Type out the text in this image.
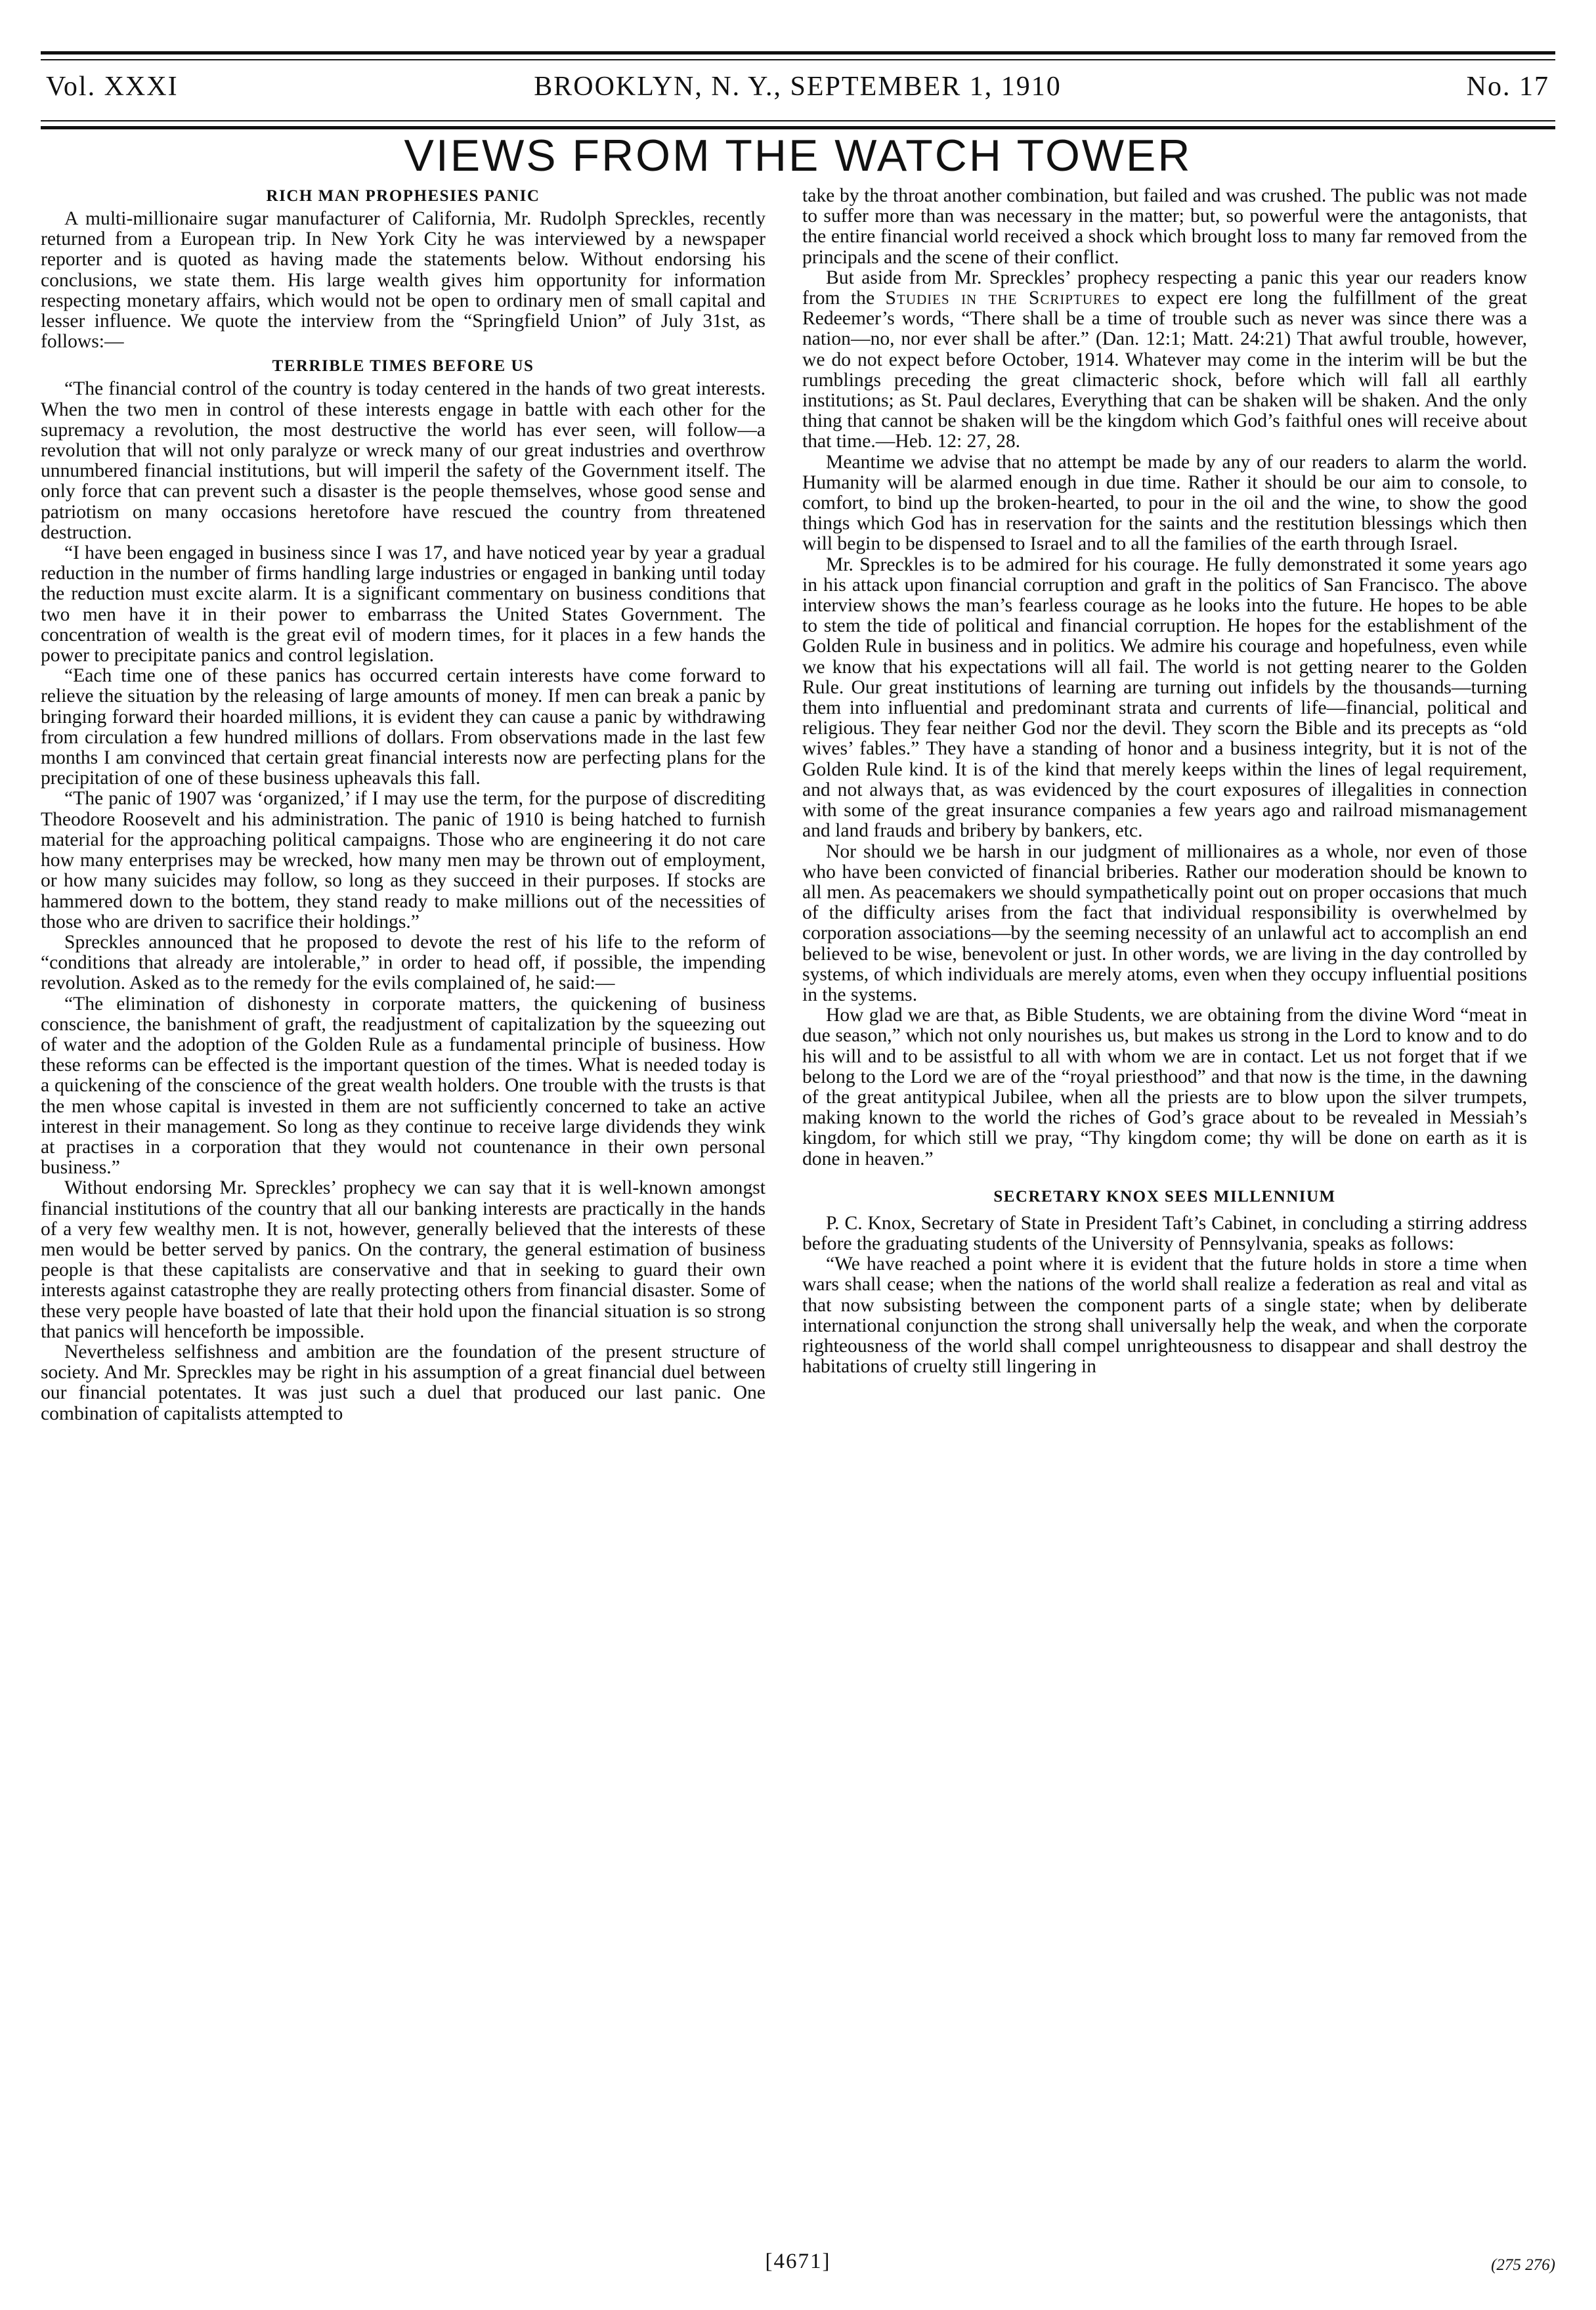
Vol. XXXI	BROOKLYN, N. Y., SEPTEMBER 1, 1910	No. 17
VIEWS FROM THE WATCH TOWER
RICH MAN PROPHESIES PANIC

A multi-millionaire sugar manufacturer of California, Mr. Rudolph Spreckles, recently returned from a European trip. In New York City he was interviewed by a newspaper reporter and is quoted as having made the statements below. Without endorsing his conclusions, we state them. His large wealth gives him opportunity for information respecting monetary affairs, which would not be open to ordinary men of small capital and lesser influence. We quote the interview from the “Springfield Union” of July 31st, as follows:—

TERRIBLE TIMES BEFORE US

“The financial control of the country is today centered in the hands of two great interests. When the two men in control of these interests engage in battle with each other for the supremacy a revolution, the most destructive the world has ever seen, will follow—a revolution that will not only paralyze or wreck many of our great industries and overthrow unnumbered financial institutions, but will imperil the safety of the Government itself. The only force that can prevent such a disaster is the people themselves, whose good sense and patriotism on many occasions heretofore have rescued the country from threatened destruction.

“I have been engaged in business since I was 17, and have noticed year by year a gradual reduction in the number of firms handling large industries or engaged in banking until today the reduction must excite alarm. It is a significant commentary on business conditions that two men have it in their power to embarrass the United States Government. The concentration of wealth is the great evil of modern times, for it places in a few hands the power to precipitate panics and control legislation.

“Each time one of these panics has occurred certain interests have come forward to relieve the situation by the releasing of large amounts of money. If men can break a panic by bringing forward their hoarded millions, it is evident they can cause a panic by withdrawing from circulation a few hundred millions of dollars. From observations made in the last few months I am convinced that certain great financial interests now are perfecting plans for the precipitation of one of these business upheavals this fall.

“The panic of 1907 was ‘organized,’ if I may use the term, for the purpose of discrediting Theodore Roosevelt and his administration. The panic of 1910 is being hatched to furnish material for the approaching political campaigns. Those who are engineering it do not care how many enterprises may be wrecked, how many men may be thrown out of employment, or how many suicides may follow, so long as they succeed in their purposes. If stocks are hammered down to the bottem, they stand ready to make millions out of the necessities of those who are driven to sacrifice their holdings.”

Spreckles announced that he proposed to devote the rest of his life to the reform of “conditions that already are intolerable,” in order to head off, if possible, the impending revolution. Asked as to the remedy for the evils complained of, he said:—

“The elimination of dishonesty in corporate matters, the quickening of business conscience, the banishment of graft, the readjustment of capitalization by the squeezing out of water and the adoption of the Golden Rule as a fundamental principle of business. How these reforms can be effected is the important question of the times. What is needed today is a quickening of the conscience of the great wealth holders. One trouble with the trusts is that the men whose capital is invested in them are not sufficiently concerned to take an active interest in their management. So long as they continue to receive large dividends they wink at practises in a corporation that they would not countenance in their own personal business.”

Without endorsing Mr. Spreckles’ prophecy we can say that it is well-known amongst financial institutions of the country that all our banking interests are practically in the hands of a very few wealthy men. It is not, however, generally believed that the interests of these men would be better served by panics. On the contrary, the general estimation of business people is that these capitalists are conservative and that in seeking to guard their own interests against catastrophe they are really protecting others from financial disaster. Some of these very people have boasted of late that their hold upon the financial situation is so strong that panics will henceforth be impossible.

Nevertheless selfishness and ambition are the foundation of the present structure of society. And Mr. Spreckles may be right in his assumption of a great financial duel between our financial potentates. It was just such a duel that produced our last panic. One combination of capitalists attempted to

take by the throat another combination, but failed and was crushed. The public was not made to suffer more than was necessary in the matter; but, so powerful were the antagonists, that the entire financial world received a shock which brought loss to many far removed from the principals and the scene of their conflict.

But aside from Mr. Spreckles’ prophecy respecting a panic this year our readers know from the Studies in the Scriptures to expect ere long the fulfillment of the great Redeemer’s words, “There shall be a time of trouble such as never was since there was a nation—no, nor ever shall be after.” (Dan. 12:1; Matt. 24:21) That awful trouble, however, we do not expect before October, 1914. Whatever may come in the interim will be but the rumblings preceding the great climacteric shock, before which will fall all earthly institutions; as St. Paul declares, Everything that can be shaken will be shaken. And the only thing that cannot be shaken will be the kingdom which God’s faithful ones will receive about that time.—Heb. 12: 27, 28.

Meantime we advise that no attempt be made by any of our readers to alarm the world. Humanity will be alarmed enough in due time. Rather it should be our aim to console, to comfort, to bind up the broken-hearted, to pour in the oil and the wine, to show the good things which God has in reservation for the saints and the restitution blessings which then will begin to be dispensed to Israel and to all the families of the earth through Israel.

Mr. Spreckles is to be admired for his courage. He fully demonstrated it some years ago in his attack upon financial corruption and graft in the politics of San Francisco. The above interview shows the man’s fearless courage as he looks into the future. He hopes to be able to stem the tide of political and financial corruption. He hopes for the establishment of the Golden Rule in business and in politics. We admire his courage and hopefulness, even while we know that his expectations will all fail. The world is not getting nearer to the Golden Rule. Our great institutions of learning are turning out infidels by the thousands—turning them into influential and predominant strata and currents of life—financial, political and religious. They fear neither God nor the devil. They scorn the Bible and its precepts as “old wives’ fables.” They have a standing of honor and a business integrity, but it is not of the Golden Rule kind. It is of the kind that merely keeps within the lines of legal requirement, and not always that, as was evidenced by the court exposures of illegalities in connection with some of the great insurance companies a few years ago and railroad mismanagement and land frauds and bribery by bankers, etc.

Nor should we be harsh in our judgment of millionaires as a whole, nor even of those who have been convicted of financial briberies. Rather our moderation should be known to all men. As peacemakers we should sympathetically point out on proper occasions that much of the difficulty arises from the fact that individual responsibility is overwhelmed by corporation associations—by the seeming necessity of an unlawful act to accomplish an end believed to be wise, benevolent or just. In other words, we are living in the day controlled by systems, of which individuals are merely atoms, even when they occupy influential positions in the systems.

How glad we are that, as Bible Students, we are obtaining from the divine Word “meat in due season,” which not only nourishes us, but makes us strong in the Lord to know and to do his will and to be assistful to all with whom we are in contact. Let us not forget that if we belong to the Lord we are of the “royal priesthood” and that now is the time, in the dawning of the great antitypical Jubilee, when all the priests are to blow upon the silver trumpets, making known to the world the riches of God’s grace about to be revealed in Messiah’s kingdom, for which still we pray, “Thy kingdom come; thy will be done on earth as it is done in heaven.”

SECRETARY KNOX SEES MILLENNIUM

P. C. Knox, Secretary of State in President Taft’s Cabinet, in concluding a stirring address before the graduating students of the University of Pennsylvania, speaks as follows:

“We have reached a point where it is evident that the future holds in store a time when wars shall cease; when the nations of the world shall realize a federation as real and vital as that now subsisting between the component parts of a single state; when by deliberate international conjunction the strong shall universally help the weak, and when the corporate righteousness of the world shall compel unrighteousness to disappear and shall destroy the habitations of cruelty still lingering in

[4671]	(275 276)
